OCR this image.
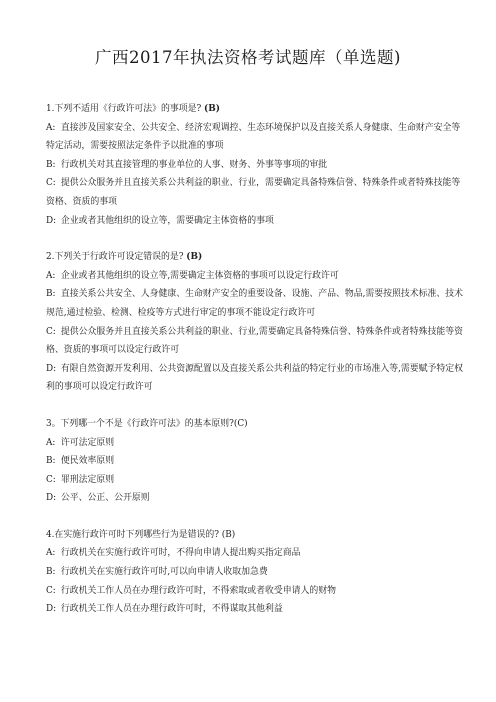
广西2017年执法资格考试题库（单选题)

1.下列不适用《行政许可法》的事项是? (B)

A: 直接涉及国家安全、公共安全、经济宏观调控、生态环境保护以及直接关系人身健康、生命财产安全等特定活动，需要按照法定条件予以批准的事项

B: 行政机关对其直接管理的事业单位的人事、财务、外事等事项的审批

C: 提供公众服务并且直接关系公共利益的职业、行业，需要确定具备特殊信誉、特殊条件或者特殊技能等资格、资质的事项

D: 企业或者其他组织的设立等，需要确定主体资格的事项

2.下列关于行政许可设定错误的是? (B)

A: 企业或者其他组织的设立等,需要确定主体资格的事项可以设定行政许可

B: 直接关系公共安全、人身健康、生命财产安全的重要设备、设施、产品、物品,需要按照技术标准、技术规范,通过检验、检测、检疫等方式进行审定的事项不能设定行政许可

C: 提供公众服务并且直接关系公共利益的职业、行业,需要确定具备特殊信誉、特殊条件或者特殊技能等资格、资质的事项可以设定行政许可

D: 有限自然资源开发利用、公共资源配置以及直接关系公共利益的特定行业的市场准入等,需要赋予特定权利的事项可以设定行政许可

3。下列哪一个不是《行政许可法》的基本原则?(C)

A: 许可法定原则

B: 便民效率原则

C: 罪刑法定原则

D: 公平、公正、公开原则

4.在实施行政许可时下列哪些行为是错误的? (B)

A: 行政机关在实施行政许可时，不得向申请人提出购买指定商品

B: 行政机关在实施行政许可时,可以向申请人收取加急费

C: 行政机关工作人员在办理行政许可时，不得索取或者收受申请人的财物

D: 行政机关工作人员在办理行政许可时，不得谋取其他利益
